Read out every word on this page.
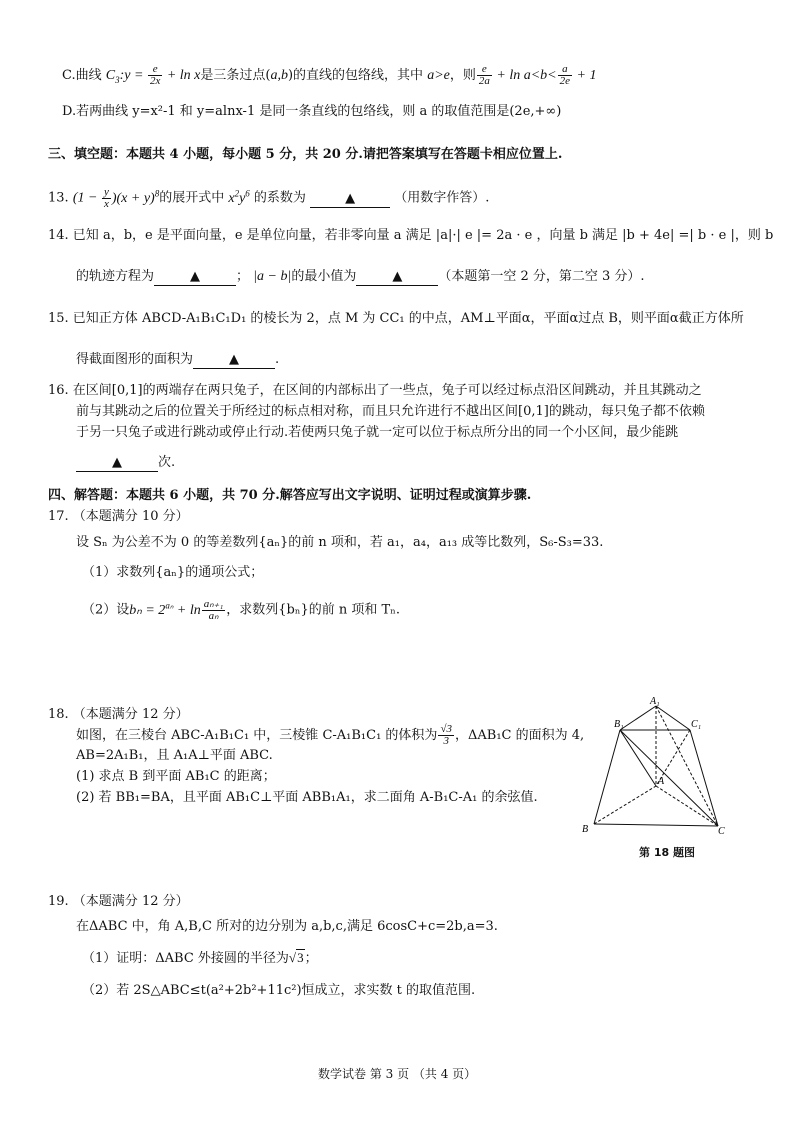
C.曲线 $C_3:y = \frac{e}{2x} + \ln x$是三条过点(a,b)的直线的包络线，其中 a>e，则 $\frac{e}{2a} + \ln a<b< \frac{a}{2e} + 1$
D.若两曲线 y=x²-1 和 y=alnx-1 是同一条直线的包络线，则 a 的取值范围是(2e,+∞)
三、填空题：本题共 4 小题，每小题 5 分，共 20 分.请把答案填写在答题卡相应位置上.
13. $(1 - \frac{y}{x} )(x + y)^8$的展开式中 $x^2y^6$ 的系数为	▲	（用数字作答）.
14. 已知 a，b，e 是平面向量，e 是单位向量，若非零向量 a 满足 |a|·| e |= 2a · e ，向量 b 满足 |b + 4e| =| b · e |，则 b
的轨迹方程为	▲	； |a − b|的最小值为	▲	（本题第一空 2 分，第二空 3 分）.
15. 已知正方体 ABCD-A₁B₁C₁D₁ 的棱长为 2，点 M 为 CC₁ 的中点，AM⊥平面α，平面α过点 B，则平面α截正方体所
得截面图形的面积为	▲	.
16. 在区间[0,1]的两端存在两只兔子，在区间的内部标出了一些点，兔子可以经过标点沿区间跳动，并且其跳动之
前与其跳动之后的位置关于所经过的标点相对称，而且只允许进行不越出区间[0,1]的跳动，每只兔子都不依赖
于另一只兔子或进行跳动或停止行动.若使两只兔子就一定可以位于标点所分出的同一个小区间，最少能跳
▲	次.
四、解答题：本题共 6 小题，共 70 分.解答应写出文字说明、证明过程或演算步骤.
17. （本题满分 10 分）
设 Sₙ 为公差不为 0 的等差数列{aₙ}的前 n 项和，若 a₁，a₄，a₁₃ 成等比数列，S₆-S₃=33.
（1）求数列{aₙ}的通项公式；
（2）设$b_n = 2^{a_n} + \ln \frac{\text{aₙ₊₁}}{\text{aₙ}}$ ，求数列{bₙ}的前 n 项和 Tₙ.
18. （本题满分 12 分）
如图，在三棱台 ABC-A₁B₁C₁ 中，三棱锥 C-A₁B₁C₁ 的体积为 $\frac{√3}{3}$ ，ΔAB₁C 的面积为 4,
AB=2A₁B₁，且 A₁A⊥平面 ABC.
(1) 求点 B 到平面 AB₁C 的距离；
(2) 若 BB₁=BA，且平面 AB₁C⊥平面 ABB₁A₁，求二面角 A-B₁C-A₁ 的余弦值.
A₁
B₁	C₁
A
B	C
第 18 题图
19. （本题满分 12 分）
在ΔABC 中，角 A,B,C 所对的边分别为 a,b,c,满足 6cosC+c=2b,a=3.
（1）证明：ΔABC 外接圆的半径为√3；
（2）若 2S△ABC≤t(a²+2b²+11c²)恒成立，求实数 t 的取值范围.
数学试卷 第 3 页 （共 4 页）
